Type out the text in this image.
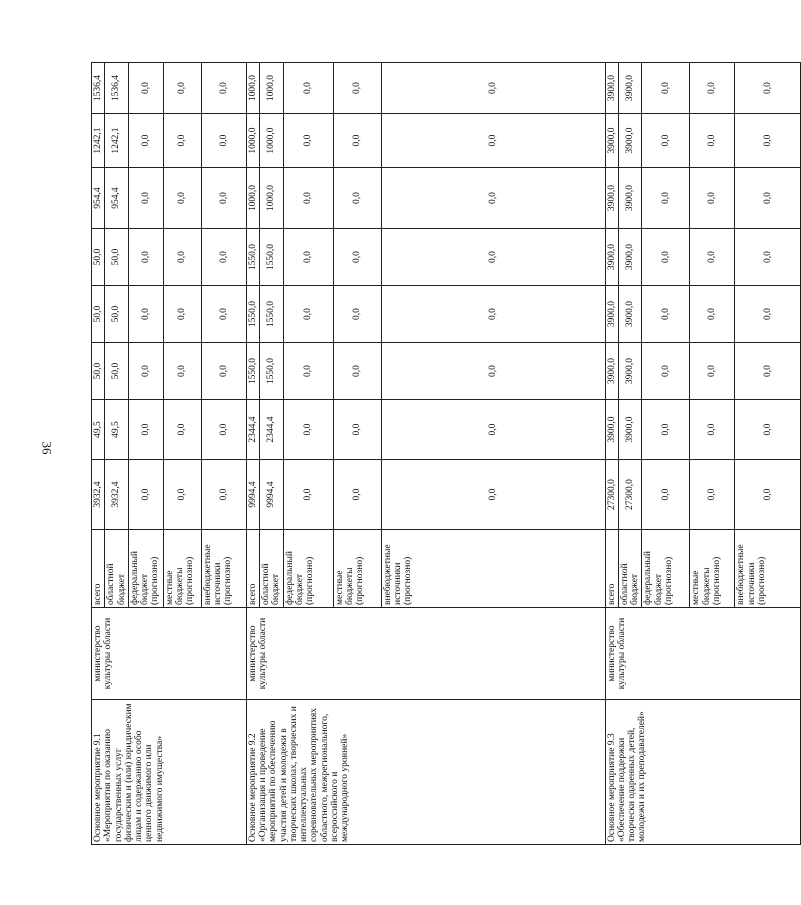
36
Основное мероприятие 9.1 «Мероприятия по оказанию государственных услуг физическим и (или) юридическим лицам и содержанию особо ценного движимого или недвижимого имущества»	министерство культуры области	всего	3932,4	49,5	50,0	50,0	50,0	954,4	1242,1	1536,4
		областной бюджет	3932,4	49,5	50,0	50,0	50,0	954,4	1242,1	1536,4
		федеральный бюджет (прогнозно)	0,0	0,0	0,0	0,0	0,0	0,0	0,0	0,0
		местные бюджеты (прогнозно)	0,0	0,0	0,0	0,0	0,0	0,0	0,0	0,0
		внебюджетные источники (прогнозно)	0,0	0,0	0,0	0,0	0,0	0,0	0,0	0,0
Основное мероприятие 9.2 «Организация и проведение мероприятий по обеспечению участия детей и молодежи в творческих школах, творческих и интеллектуальных соревновательных мероприятиях областного, межрегионального, всероссийского и международного уровней»	министерство культуры области	всего	9994,4	2344,4	1550,0	1550,0	1550,0	1000,0	1000,0	1000,0
		областной бюджет	9994,4	2344,4	1550,0	1550,0	1550,0	1000,0	1000,0	1000,0
		федеральный бюджет (прогнозно)	0,0	0,0	0,0	0,0	0,0	0,0	0,0	0,0
		местные бюджеты (прогнозно)	0,0	0,0	0,0	0,0	0,0	0,0	0,0	0,0
		внебюджетные источники (прогнозно)	0,0	0,0	0,0	0,0	0,0	0,0	0,0	0,0
Основное мероприятие 9.3 «Обеспечение поддержки творчески одаренных детей, молодежи и их преподавателей»	министерство культуры области	всего	27300,0	3900,0	3900,0	3900,0	3900,0	3900,0	3900,0	3900,0
		областной бюджет	27300,0	3900,0	3900,0	3900,0	3900,0	3900,0	3900,0	3900,0
		федеральный бюджет (прогнозно)	0,0	0,0	0,0	0,0	0,0	0,0	0,0	0,0
		местные бюджеты (прогнозно)	0,0	0,0	0,0	0,0	0,0	0,0	0,0	0,0
		внебюджетные источники (прогнозно)	0,0	0,0	0,0	0,0	0,0	0,0	0,0	0,0
